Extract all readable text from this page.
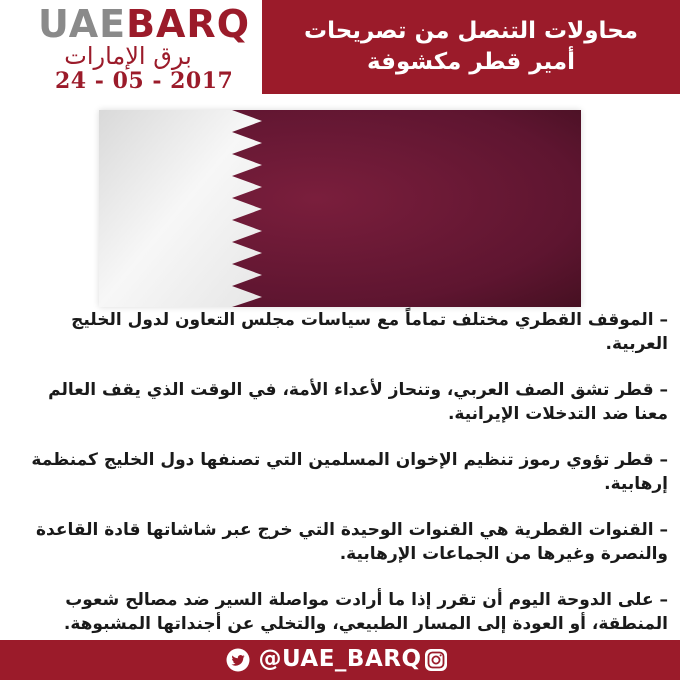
UAEBARQ
برق الإمارات
24 - 05 - 2017
محاولات التنصل من تصريحات
أمير قطر مكشوفة

– الموقف القطري مختلف تماماً مع سياسات مجلس التعاون لدول الخليج العربية.

– قطر تشق الصف العربي، وتنحاز لأعداء الأمة، في الوقت الذي يقف العالم معنا ضد التدخلات الإيرانية.

– قطر تؤوي رموز تنظيم الإخوان المسلمين التي تصنفها دول الخليج كمنظمة إرهابية.

– القنوات القطرية هي القنوات الوحيدة التي خرج عبر شاشاتها قادة القاعدة والنصرة وغيرها من الجماعات الإرهابية.

– على الدوحة اليوم أن تقرر إذا ما أرادت مواصلة السير ضد مصالح شعوب المنطقة، أو العودة إلى المسار الطبيعي، والتخلي عن أجنداتها المشبوهة.

@UAE_BARQ
